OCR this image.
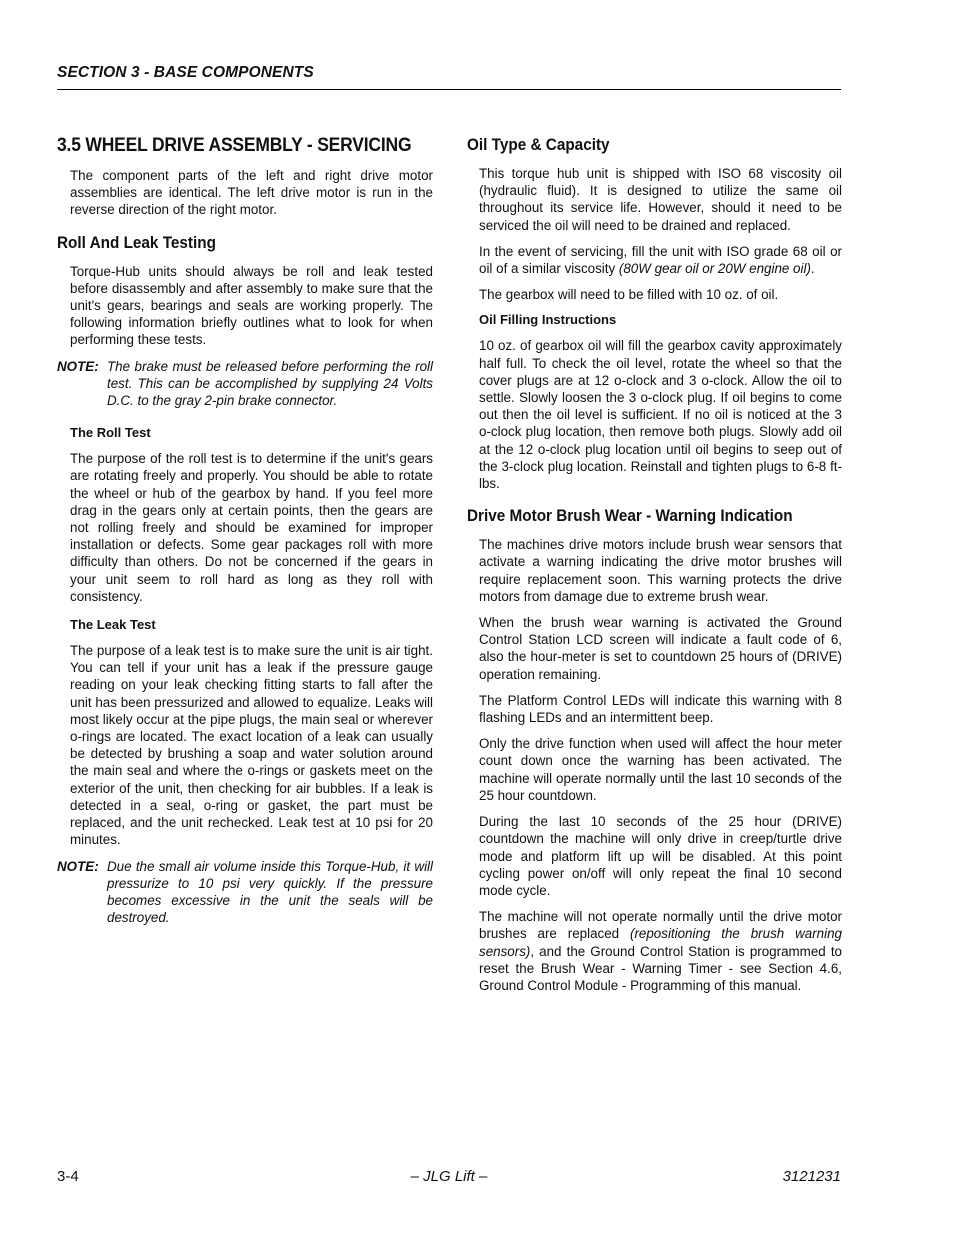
SECTION 3 - BASE COMPONENTS
3.5 WHEEL DRIVE ASSEMBLY - SERVICING

The component parts of the left and right drive motor assemblies are identical. The left drive motor is run in the reverse direction of the right motor.

Roll And Leak Testing

Torque-Hub units should always be roll and leak tested before disassembly and after assembly to make sure that the unit's gears, bearings and seals are working properly. The following information briefly outlines what to look for when performing these tests.

NOTE: The brake must be released before performing the roll test. This can be accomplished by supplying 24 Volts D.C. to the gray 2-pin brake connector.
The Roll Test

The purpose of the roll test is to determine if the unit's gears are rotating freely and properly. You should be able to rotate the wheel or hub of the gearbox by hand. If you feel more drag in the gears only at certain points, then the gears are not rolling freely and should be examined for improper installation or defects. Some gear packages roll with more difficulty than others. Do not be concerned if the gears in your unit seem to roll hard as long as they roll with consistency.

The Leak Test

The purpose of a leak test is to make sure the unit is air tight. You can tell if your unit has a leak if the pressure gauge reading on your leak checking fitting starts to fall after the unit has been pressurized and allowed to equalize. Leaks will most likely occur at the pipe plugs, the main seal or wherever o-rings are located. The exact location of a leak can usually be detected by brushing a soap and water solution around the main seal and where the o-rings or gaskets meet on the exterior of the unit, then checking for air bubbles. If a leak is detected in a seal, o-ring or gasket, the part must be replaced, and the unit rechecked. Leak test at 10 psi for 20 minutes.

NOTE: Due the small air volume inside this Torque-Hub, it will pressurize to 10 psi very quickly. If the pressure becomes excessive in the unit the seals will be destroyed.
Oil Type & Capacity

This torque hub unit is shipped with ISO 68 viscosity oil (hydraulic fluid). It is designed to utilize the same oil throughout its service life. However, should it need to be serviced the oil will need to be drained and replaced.

In the event of servicing, fill the unit with ISO grade 68 oil or oil of a similar viscosity (80W gear oil or 20W engine oil).

The gearbox will need to be filled with 10 oz. of oil.

Oil Filling Instructions

10 oz. of gearbox oil will fill the gearbox cavity approximately half full. To check the oil level, rotate the wheel so that the cover plugs are at 12 o-clock and 3 o-clock. Allow the oil to settle. Slowly loosen the 3 o-clock plug. If oil begins to come out then the oil level is sufficient. If no oil is noticed at the 3 o-clock plug location, then remove both plugs. Slowly add oil at the 12 o-clock plug location until oil begins to seep out of the 3-clock plug location. Reinstall and tighten plugs to 6-8 ft-lbs.

Drive Motor Brush Wear - Warning Indication

The machines drive motors include brush wear sensors that activate a warning indicating the drive motor brushes will require replacement soon. This warning protects the drive motors from damage due to extreme brush wear.

When the brush wear warning is activated the Ground Control Station LCD screen will indicate a fault code of 6, also the hour-meter is set to countdown 25 hours of (DRIVE) operation remaining.

The Platform Control LEDs will indicate this warning with 8 flashing LEDs and an intermittent beep.

Only the drive function when used will affect the hour meter count down once the warning has been activated. The machine will operate normally until the last 10 seconds of the 25 hour countdown.

During the last 10 seconds of the 25 hour (DRIVE) countdown the machine will only drive in creep/turtle drive mode and platform lift up will be disabled. At this point cycling power on/off will only repeat the final 10 second mode cycle.

The machine will not operate normally until the drive motor brushes are replaced (repositioning the brush warning sensors), and the Ground Control Station is programmed to reset the Brush Wear - Warning Timer - see Section 4.6, Ground Control Module - Programming of this manual.

3-4	– JLG Lift –	3121231
